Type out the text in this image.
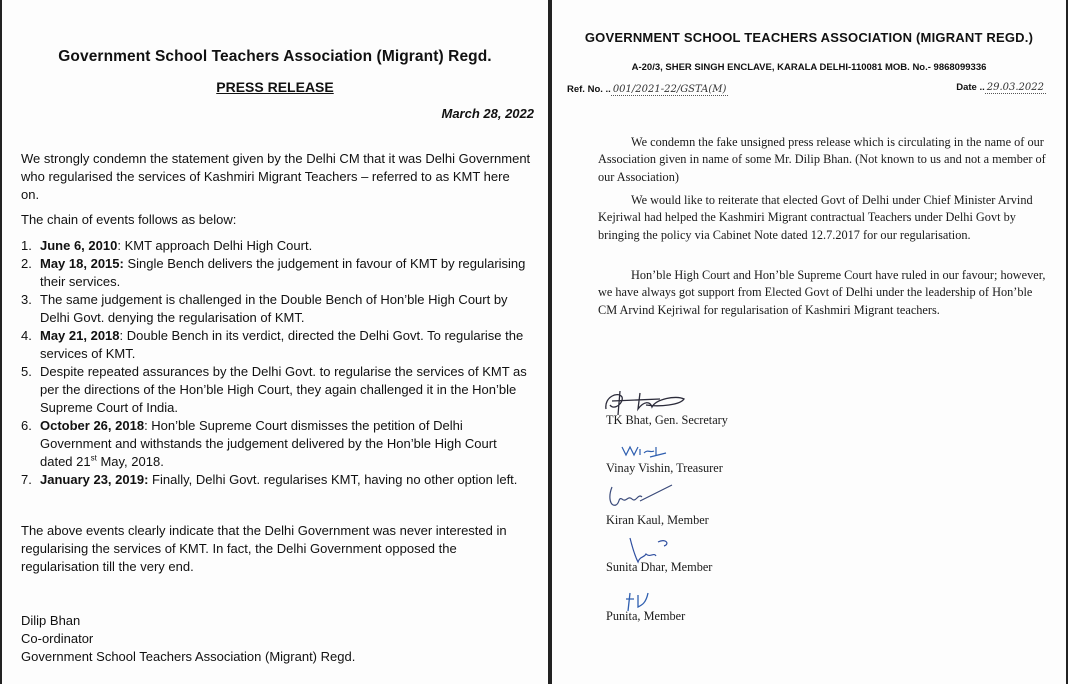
Government School Teachers Association (Migrant) Regd.
PRESS RELEASE
March 28, 2022

We strongly condemn the statement given by the Delhi CM that it was Delhi Government who regularised the services of Kashmiri Migrant Teachers – referred to as KMT here on.

The chain of events follows as below:

1. June 6, 2010: KMT approach Delhi High Court.
2. May 18, 2015: Single Bench delivers the judgement in favour of KMT by regularising their services.
3. The same judgement is challenged in the Double Bench of Hon’ble High Court by Delhi Govt. denying the regularisation of KMT.
4. May 21, 2018: Double Bench in its verdict, directed the Delhi Govt. To regularise the services of KMT.
5. Despite repeated assurances by the Delhi Govt. to regularise the services of KMT as per the directions of the Hon’ble High Court, they again challenged it in the Hon’ble Supreme Court of India.
6. October 26, 2018: Hon’ble Supreme Court dismisses the petition of Delhi Government and withstands the judgement delivered by the Hon’ble High Court dated 21st May, 2018.
7. January 23, 2019: Finally, Delhi Govt. regularises KMT, having no other option left.

The above events clearly indicate that the Delhi Government was never interested in regularising the services of KMT. In fact, the Delhi Government opposed the regularisation till the very end.

Dilip Bhan
Co-ordinator
Government School Teachers Association (Migrant) Regd.
GOVERNMENT SCHOOL TEACHERS ASSOCIATION (MIGRANT REGD.)
A-20/3, SHER SINGH ENCLAVE, KARALA DELHI-110081 MOB. No.- 9868099336
Ref. No. .. 001/2021-22/GSTA(M)	Date .. 29.03.2022

We condemn the fake unsigned press release which is circulating in the name of our Association given in name of some Mr. Dilip Bhan. (Not known to us and not a member of our Association)

We would like to reiterate that elected Govt of Delhi under Chief Minister Arvind Kejriwal had helped the Kashmiri Migrant contractual Teachers under Delhi Govt by bringing the policy via Cabinet Note dated 12.7.2017 for our regularisation.

Hon’ble High Court and Hon’ble Supreme Court have ruled in our favour; however, we have always got support from Elected Govt of Delhi under the leadership of Hon’ble CM Arvind Kejriwal for regularisation of Kashmiri Migrant teachers.

TK Bhat, Gen. Secretary
Vinay Vishin, Treasurer
Kiran Kaul, Member
Sunita Dhar, Member
Punita, Member
